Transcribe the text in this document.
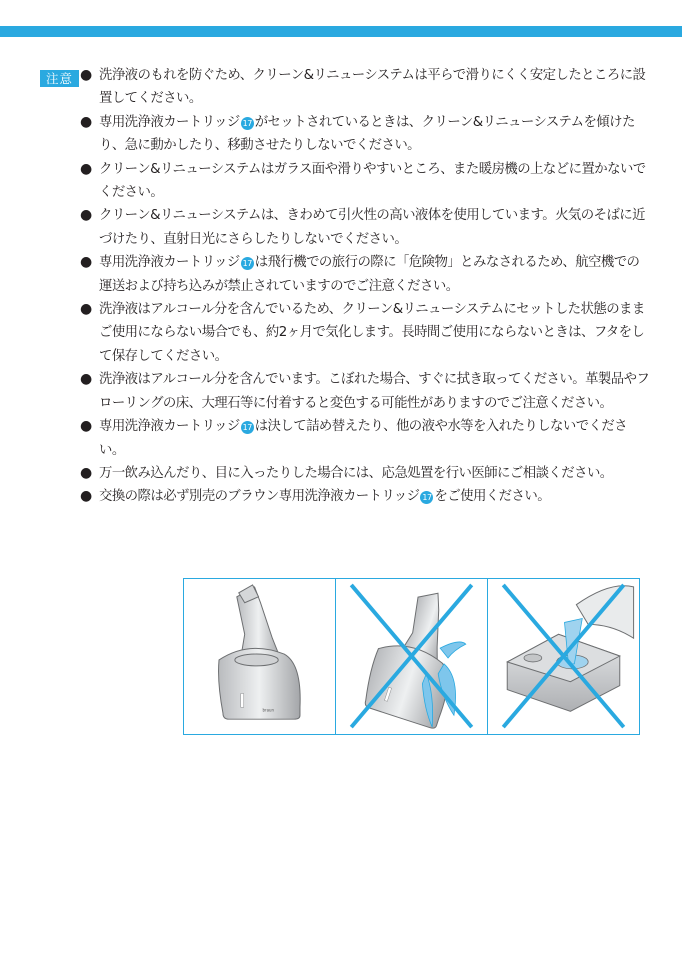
注意 ● 洗浄液のもれを防ぐため、クリーン&リニューシステムは平らで滑りにくく安定したところに設置してください。
● 専用洗浄液カートリッジ 17 がセットされているときは、クリーン&リニューシステムを傾けたり、急に動かしたり、移動させたりしないでください。
● クリーン&リニューシステムはガラス面や滑りやすいところ、また暖房機の上などに置かないでください。
● クリーン&リニューシステムは、きわめて引火性の高い液体を使用しています。火気のそばに近づけたり、直射日光にさらしたりしないでください。
● 専用洗浄液カートリッジ 17 は飛行機での旅行の際に「危険物」とみなされるため、航空機での運送および持ち込みが禁止されていますのでご注意ください。
● 洗浄液はアルコール分を含んでいるため、クリーン&リニューシステムにセットした状態のままご使用にならない場合でも、約2ヶ月で気化します。長時間ご使用にならないときは、フタをして保存してください。
● 洗浄液はアルコール分を含んでいます。こぼれた場合、すぐに拭き取ってください。革製品やフローリングの床、大理石等に付着すると変色する可能性がありますのでご注意ください。
● 専用洗浄液カートリッジ 17 は決して詰め替えたり、他の液や水等を入れたりしないでください。
● 万一飲み込んだり、目に入ったりした場合には、応急処置を行い医師にご相談ください。
● 交換の際は必ず別売のブラウン専用洗浄液カートリッジ 17 をご使用ください。
braun
